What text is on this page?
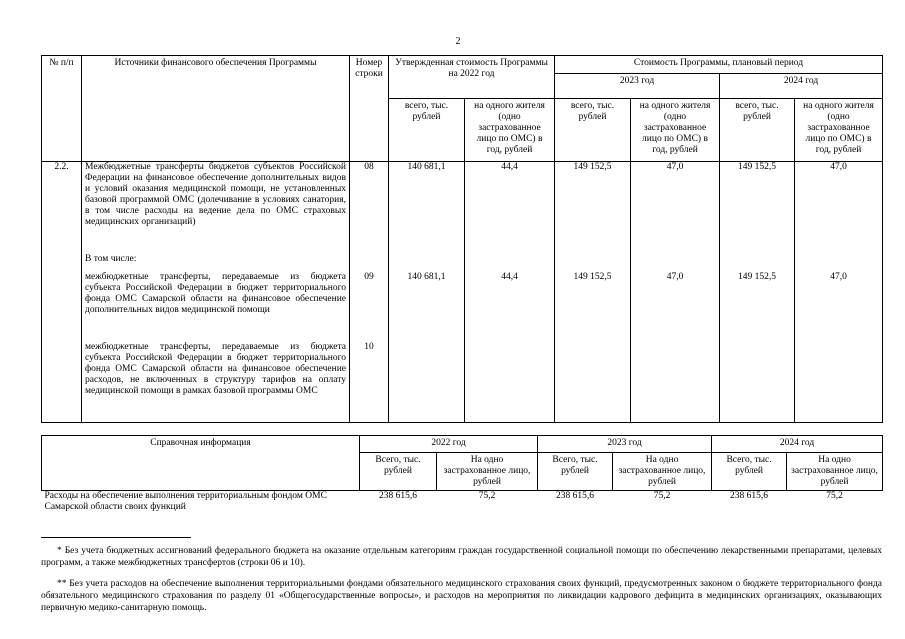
2
№ п/п	Источники финансового обеспечения Программы	Номер строки	Утвержденная стоимость Программы на 2022 год		Стоимость Программы, плановый период			
					2023 год		2024 год	
			всего, тыс. рублей	на одного жителя (одно застрахованное лицо по ОМС) в год, рублей	всего, тыс. рублей	на одного жителя (одно застрахованное лицо по ОМС) в год, рублей	всего, тыс. рублей	на одного жителя (одно застрахованное лицо по ОМС) в год, рублей
2.2.	Межбюджетные трансферты бюджетов субъектов Российской Федерации на финансовое обеспечение дополнительных видов и условий оказания медицинской помощи, не установленных базовой программой ОМС (долечивание в условиях санатория, в том числе расходы на ведение дела по ОМС страховых медицинских организаций)	08	140 681,1	44,4	149 152,5	47,0	149 152,5	47,0
	В том числе:							
	межбюджетные трансферты, передаваемые из бюджета субъекта Российской Федерации в бюджет территориального фонда ОМС Самарской области на финансовое обеспечение дополнительных видов медицинской помощи	09	140 681,1	44,4	149 152,5	47,0	149 152,5	47,0
	межбюджетные трансферты, передаваемые из бюджета субъекта Российской Федерации в бюджет территориального фонда ОМС Самарской области на финансовое обеспечение расходов, не включенных в структуру тарифов на оплату медицинской помощи в рамках базовой программы ОМС	10						
Справочная информация	2022 год		2023 год		2024 год	
	Всего, тыс. рублей	На одно застрахованное лицо, рублей	Всего, тыс. рублей	На одно застрахованное лицо, рублей	Всего, тыс. рублей	На одно застрахованное лицо, рублей
Расходы на обеспечение выполнения территориальным фондом ОМС Самарской области своих функций	238 615,6	75,2	238 615,6	75,2	238 615,6	75,2
* Без учета бюджетных ассигнований федерального бюджета на оказание отдельным категориям граждан государственной социальной помощи по обеспечению лекарственными препаратами, целевых программ, а также межбюджетных трансфертов (строки 06 и 10).
** Без учета расходов на обеспечение выполнения территориальными фондами обязательного медицинского страхования своих функций, предусмотренных законом о бюджете территориального фонда обязательного медицинского страхования по разделу 01 «Общегосударственные вопросы», и расходов на мероприятия по ликвидации кадрового дефицита в медицинских организациях, оказывающих первичную медико-санитарную помощь.
